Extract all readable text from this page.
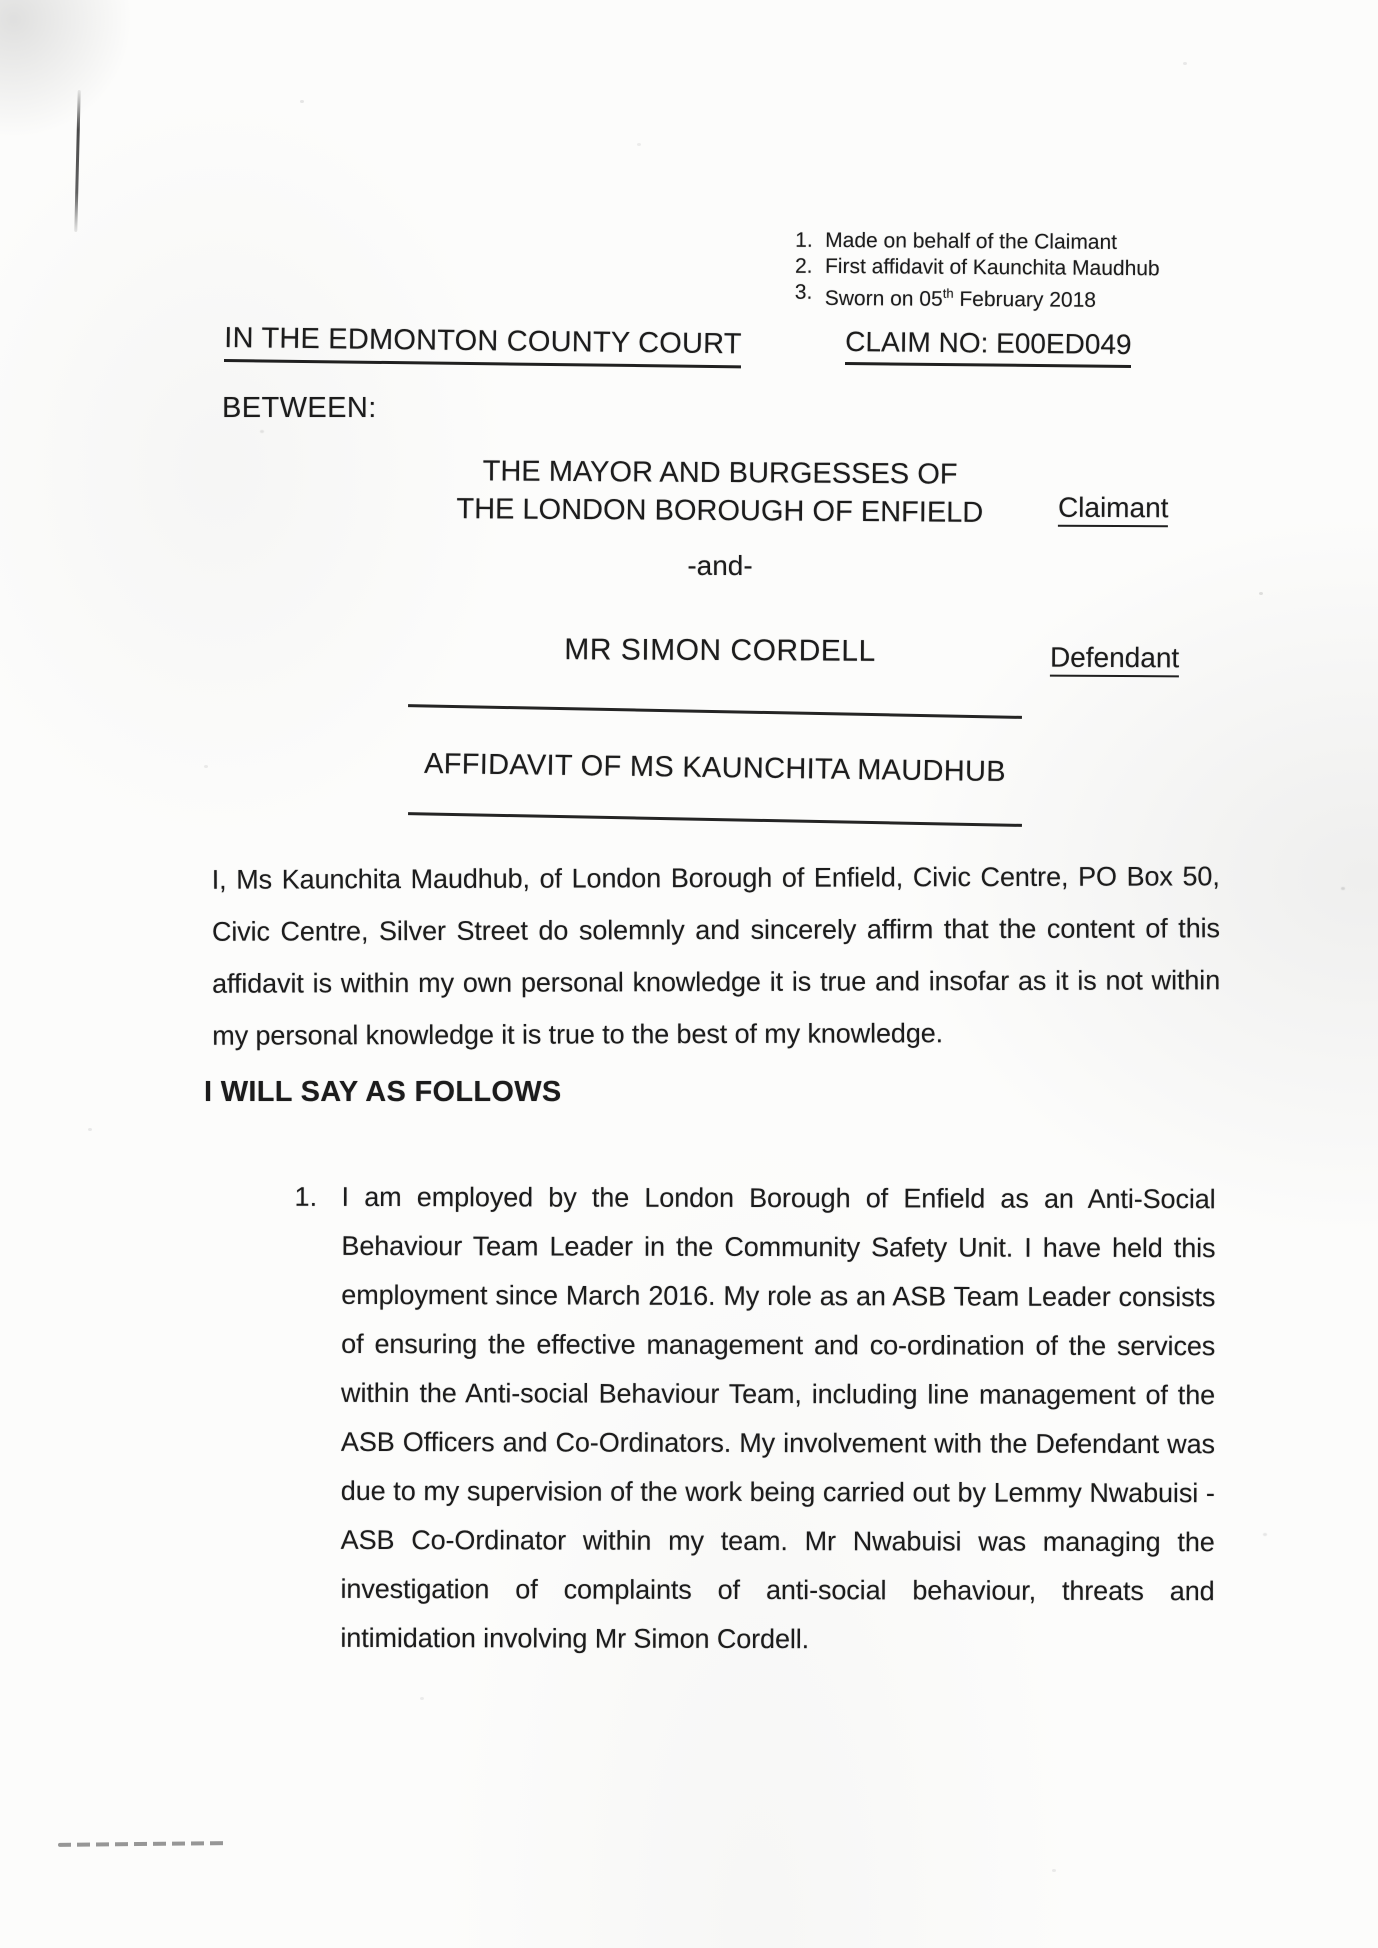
1. Made on behalf of the Claimant
2. First affidavit of Kaunchita Maudhub
3. Sworn on 05th February 2018
IN THE EDMONTON COUNTY COURT	CLAIM NO: E00ED049
BETWEEN:
THE MAYOR AND BURGESSES OF
THE LONDON BOROUGH OF ENFIELD	Claimant
-and-
MR SIMON CORDELL	Defendant
AFFIDAVIT OF MS KAUNCHITA MAUDHUB
I, Ms Kaunchita Maudhub, of London Borough of Enfield, Civic Centre, PO Box 50, Civic Centre, Silver Street do solemnly and sincerely affirm that the content of this affidavit is within my own personal knowledge it is true and insofar as it is not within my personal knowledge it is true to the best of my knowledge.
I WILL SAY AS FOLLOWS
1. I am employed by the London Borough of Enfield as an Anti-Social Behaviour Team Leader in the Community Safety Unit. I have held this employment since March 2016. My role as an ASB Team Leader consists of ensuring the effective management and co-ordination of the services within the Anti-social Behaviour Team, including line management of the ASB Officers and Co-Ordinators. My involvement with the Defendant was due to my supervision of the work being carried out by Lemmy Nwabuisi - ASB Co-Ordinator within my team. Mr Nwabuisi was managing the investigation of complaints of anti-social behaviour, threats and intimidation involving Mr Simon Cordell.
